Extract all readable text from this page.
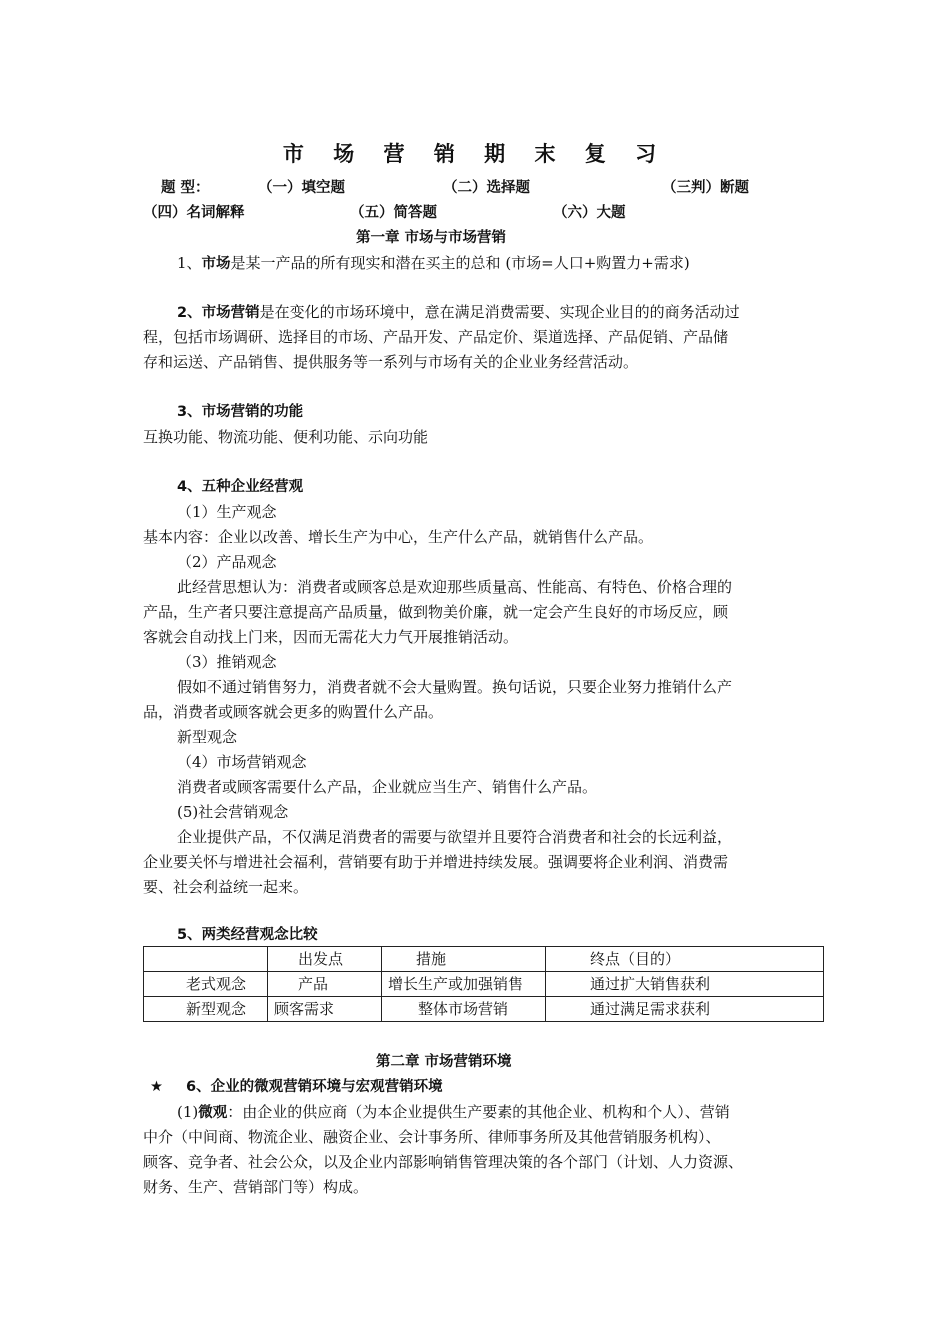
市 场 营 销 期 末 复 习
题 型：	（一）填空题	（二）选择题	（三判）断题
（四）名词解释	（五）简答题	（六）大题
第一章 市场与市场营销
1、市场是某一产品的所有现实和潜在买主的总和 (市场=人口+购置力+需求)
2、市场营销是在变化的市场环境中，意在满足消费需要、实现企业目的的商务活动过
程，包括市场调研、选择目的市场、产品开发、产品定价、渠道选择、产品促销、产品储
存和运送、产品销售、提供服务等一系列与市场有关的企业业务经营活动。
3、市场营销的功能
互换功能、物流功能、便利功能、示向功能
4、五种企业经营观
（1）生产观念
基本内容：企业以改善、增长生产为中心，生产什么产品，就销售什么产品。
（2）产品观念
此经营思想认为：消费者或顾客总是欢迎那些质量高、性能高、有特色、价格合理的
产品，生产者只要注意提高产品质量，做到物美价廉，就一定会产生良好的市场反应，顾
客就会自动找上门来，因而无需花大力气开展推销活动。
（3）推销观念
假如不通过销售努力，消费者就不会大量购置。换句话说，只要企业努力推销什么产
品，消费者或顾客就会更多的购置什么产品。
新型观念
（4）市场营销观念
消费者或顾客需要什么产品，企业就应当生产、销售什么产品。
(5)社会营销观念
企业提供产品，不仅满足消费者的需要与欲望并且要符合消费者和社会的长远利益，
企业要关怀与增进社会福利，营销要有助于并增进持续发展。强调要将企业利润、消费需
要、社会利益统一起来。
5、两类经营观念比较
	出发点	措施	终点（目的）
老式观念	产品	增长生产或加强销售	通过扩大销售获利
新型观念	顾客需求	整体市场营销	通过满足需求获利
第二章 市场营销环境
★ 6、企业的微观营销环境与宏观营销环境
(1)微观：由企业的供应商（为本企业提供生产要素的其他企业、机构和个人）、营销
中介（中间商、物流企业、融资企业、会计事务所、律师事务所及其他营销服务机构）、
顾客、竞争者、社会公众，以及企业内部影响销售管理决策的各个部门（计划、人力资源、
财务、生产、营销部门等）构成。
